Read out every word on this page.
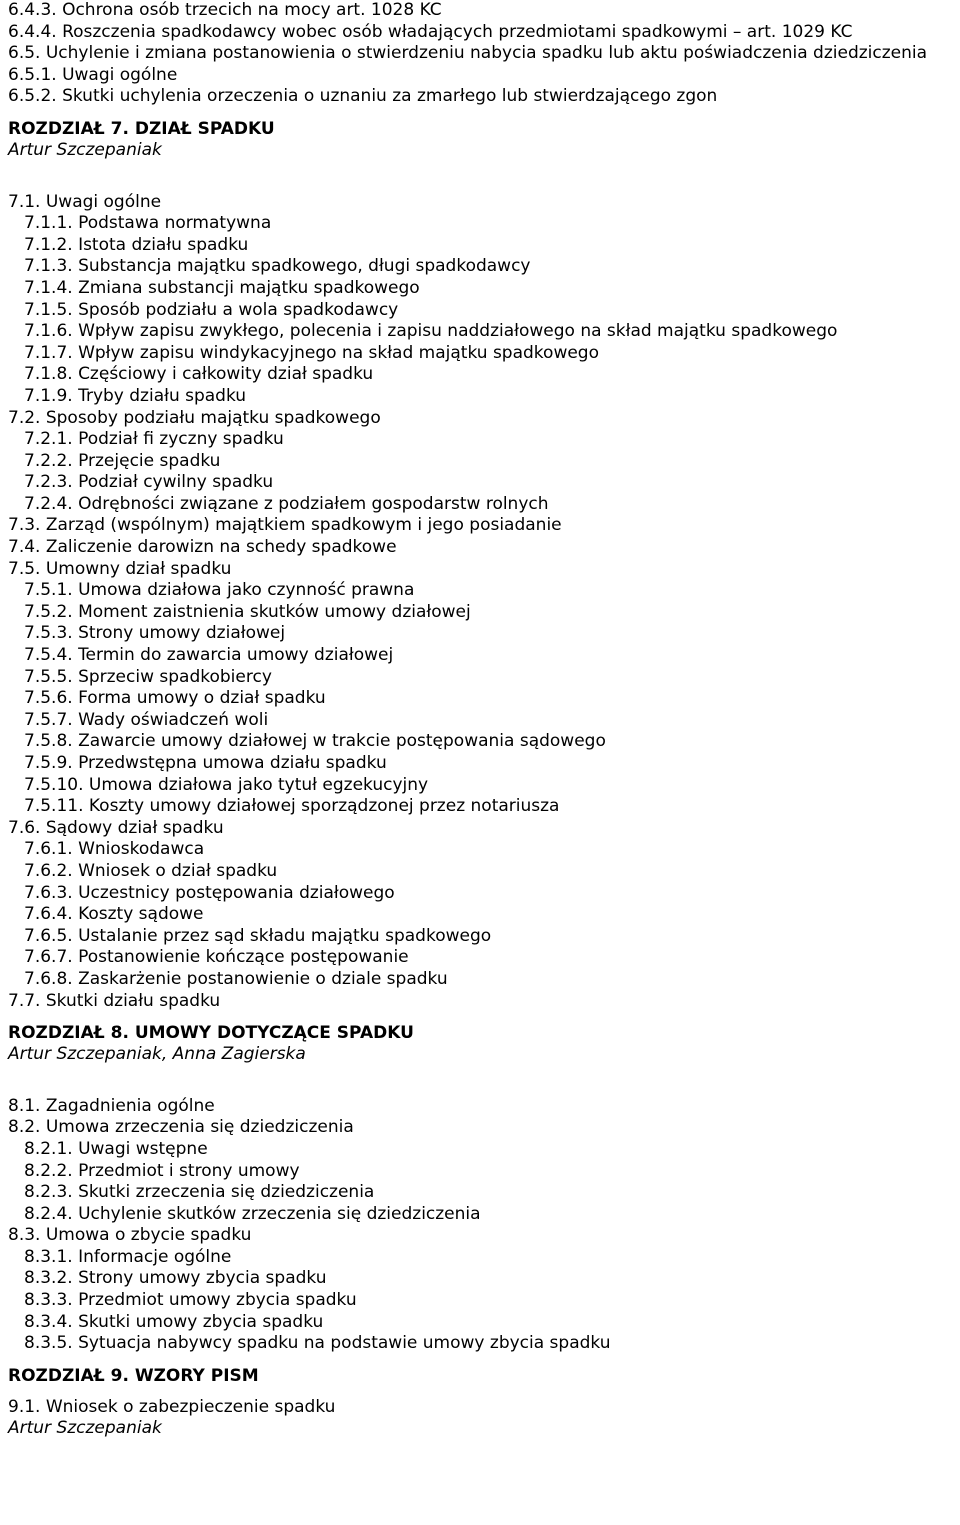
6.4.3. Ochrona osób trzecich na mocy art. 1028 KC
6.4.4. Roszczenia spadkodawcy wobec osób władających przedmiotami spadkowymi – art. 1029 KC
6.5. Uchylenie i zmiana postanowienia o stwierdzeniu nabycia spadku lub aktu poświadczenia dziedziczenia
6.5.1. Uwagi ogólne
6.5.2. Skutki uchylenia orzeczenia o uznaniu za zmarłego lub stwierdzającego zgon
ROZDZIAŁ 7. DZIAŁ SPADKU
Artur Szczepaniak
7.1. Uwagi ogólne
7.1.1. Podstawa normatywna
7.1.2. Istota działu spadku
7.1.3. Substancja majątku spadkowego, długi spadkodawcy
7.1.4. Zmiana substancji majątku spadkowego
7.1.5. Sposób podziału a wola spadkodawcy
7.1.6. Wpływ zapisu zwykłego, polecenia i zapisu naddziałowego na skład majątku spadkowego
7.1.7. Wpływ zapisu windykacyjnego na skład majątku spadkowego
7.1.8. Częściowy i całkowity dział spadku
7.1.9. Tryby działu spadku
7.2. Sposoby podziału majątku spadkowego
7.2.1. Podział fi zyczny spadku
7.2.2. Przejęcie spadku
7.2.3. Podział cywilny spadku
7.2.4. Odrębności związane z podziałem gospodarstw rolnych
7.3. Zarząd (wspólnym) majątkiem spadkowym i jego posiadanie
7.4. Zaliczenie darowizn na schedy spadkowe
7.5. Umowny dział spadku
7.5.1. Umowa działowa jako czynność prawna
7.5.2. Moment zaistnienia skutków umowy działowej
7.5.3. Strony umowy działowej
7.5.4. Termin do zawarcia umowy działowej
7.5.5. Sprzeciw spadkobiercy
7.5.6. Forma umowy o dział spadku
7.5.7. Wady oświadczeń woli
7.5.8. Zawarcie umowy działowej w trakcie postępowania sądowego
7.5.9. Przedwstępna umowa działu spadku
7.5.10. Umowa działowa jako tytuł egzekucyjny
7.5.11. Koszty umowy działowej sporządzonej przez notariusza
7.6. Sądowy dział spadku
7.6.1. Wnioskodawca
7.6.2. Wniosek o dział spadku
7.6.3. Uczestnicy postępowania działowego
7.6.4. Koszty sądowe
7.6.5. Ustalanie przez sąd składu majątku spadkowego
7.6.7. Postanowienie kończące postępowanie
7.6.8. Zaskarżenie postanowienie o dziale spadku
7.7. Skutki działu spadku
ROZDZIAŁ 8. UMOWY DOTYCZĄCE SPADKU
Artur Szczepaniak, Anna Zagierska
8.1. Zagadnienia ogólne
8.2. Umowa zrzeczenia się dziedziczenia
8.2.1. Uwagi wstępne
8.2.2. Przedmiot i strony umowy
8.2.3. Skutki zrzeczenia się dziedziczenia
8.2.4. Uchylenie skutków zrzeczenia się dziedziczenia
8.3. Umowa o zbycie spadku
8.3.1. Informacje ogólne
8.3.2. Strony umowy zbycia spadku
8.3.3. Przedmiot umowy zbycia spadku
8.3.4. Skutki umowy zbycia spadku
8.3.5. Sytuacja nabywcy spadku na podstawie umowy zbycia spadku
ROZDZIAŁ 9. WZORY PISM
9.1. Wniosek o zabezpieczenie spadku
Artur Szczepaniak
